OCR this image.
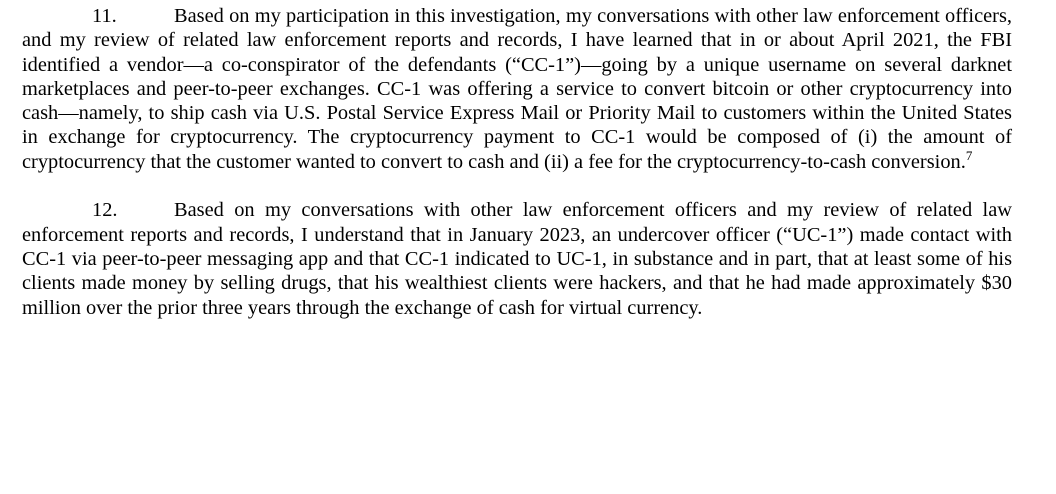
11.	Based on my participation in this investigation, my conversations with other law enforcement officers, and my review of related law enforcement reports and records, I have learned that in or about April 2021, the FBI identified a vendor—a co-conspirator of the defendants (“CC-1”)—going by a unique username on several darknet marketplaces and peer-to-peer exchanges. CC-1 was offering a service to convert bitcoin or other cryptocurrency into cash—namely, to ship cash via U.S. Postal Service Express Mail or Priority Mail to customers within the United States in exchange for cryptocurrency. The cryptocurrency payment to CC-1 would be composed of (i) the amount of cryptocurrency that the customer wanted to convert to cash and (ii) a fee for the cryptocurrency-to-cash conversion.$^7$

12.	Based on my conversations with other law enforcement officers and my review of related law enforcement reports and records, I understand that in January 2023, an undercover officer (“UC-1”) made contact with CC-1 via peer-to-peer messaging app and that CC-1 indicated to UC-1, in substance and in part, that at least some of his clients made money by selling drugs, that his wealthiest clients were hackers, and that he had made approximately $30 million over the prior three years through the exchange of cash for virtual currency.
